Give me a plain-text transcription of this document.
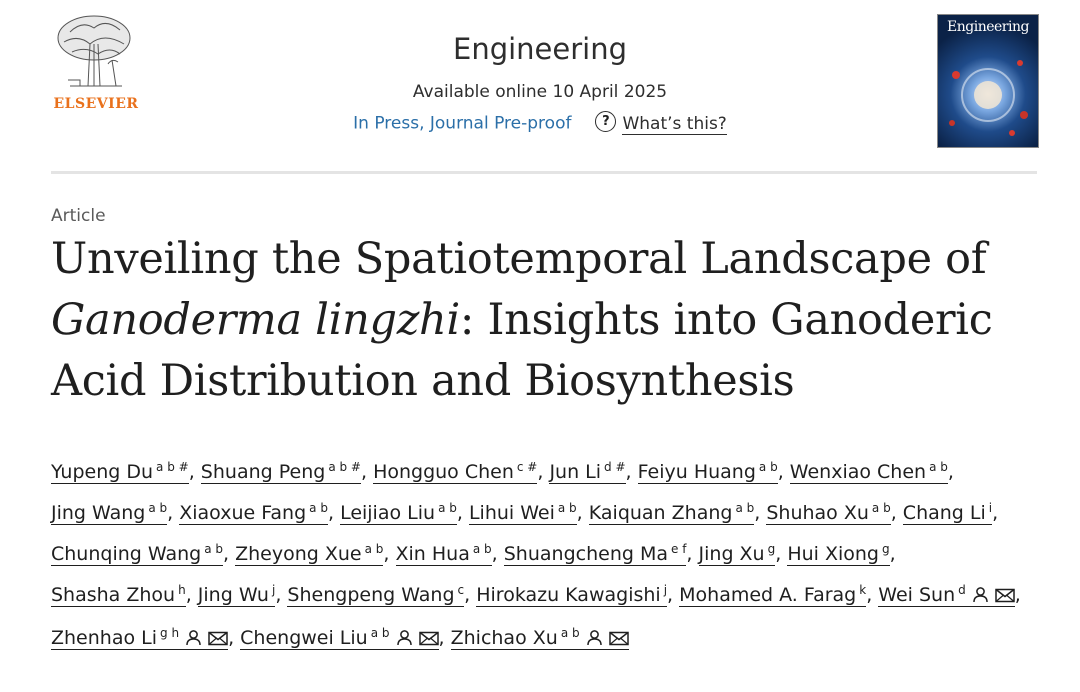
ELSEVIER
Engineering
Available online 10 April 2025
In Press, Journal Pre-proof ? What’s this?
Engineering
Article
Unveiling the Spatiotemporal Landscape of Ganoderma lingzhi: Insights into Ganoderic Acid Distribution and Biosynthesis
Yupeng Du $^{a b \#}$, Shuang Peng $^{a b \#}$, Hongguo Chen $^{c \#}$, Jun Li $^{d \#}$, Feiyu Huang $^{a b}$, Wenxiao Chen $^{a b}$, Jing Wang $^{a b}$, Xiaoxue Fang $^{a b}$, Leijiao Liu $^{a b}$, Lihui Wei $^{a b}$, Kaiquan Zhang $^{a b}$, Shuhao Xu $^{a b}$, Chang Li $^i$, Chunqing Wang $^{a b}$, Zheyong Xue $^{a b}$, Xin Hua $^{a b}$, Shuangcheng Ma $^{e f}$, Jing Xu $^g$, Hui Xiong $^g$, Shasha Zhou $^h$, Jing Wu $^j$, Shengpeng Wang $^c$, Hirokazu Kawagishi $^j$, Mohamed A. Farag $^k$, Wei Sun $^d$	, Zhenhao Li $^{g h}$	, Chengwei Liu $^{a b}$	, Zhichao Xu $^{a b}$
